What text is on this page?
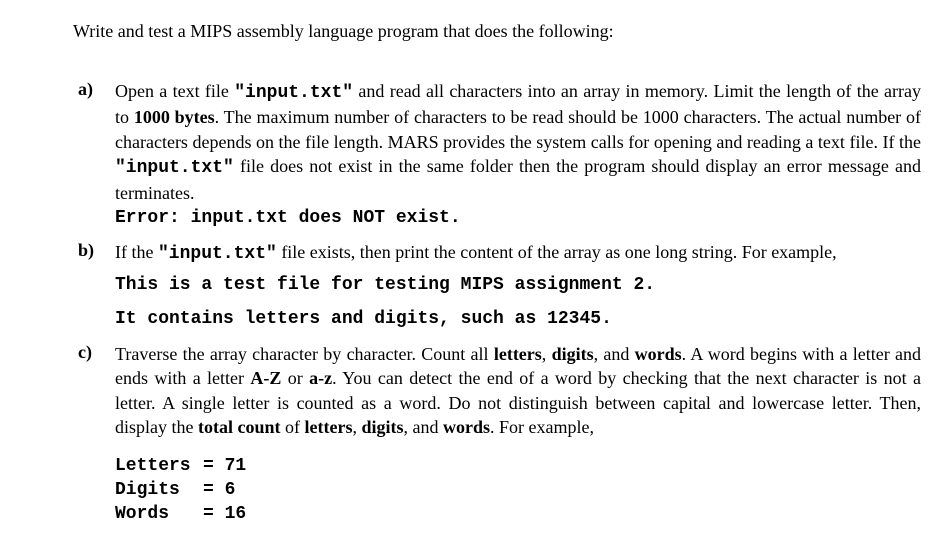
Write and test a MIPS assembly language program that does the following:
a)	Open a text file "input.txt" and read all characters into an array in memory. Limit the length of the array to 1000 bytes. The maximum number of characters to be read should be 1000 characters. The actual number of characters depends on the file length. MARS provides the system calls for opening and reading a text file. If the "input.txt" file does not exist in the same folder then the program should display an error message and terminates.
Error: input.txt does NOT exist.
b)	If the "input.txt" file exists, then print the content of the array as one long string. For example,
This is a test file for testing MIPS assignment 2.
It contains letters and digits, such as 12345.
c)	Traverse the array character by character. Count all letters, digits, and words. A word begins with a letter and ends with a letter A-Z or a-z. You can detect the end of a word by checking that the next character is not a letter. A single letter is counted as a word. Do not distinguish between capital and lowercase letter. Then, display the total count of letters, digits, and words. For example,
Letters = 71
Digits	= 6
Words	= 16
